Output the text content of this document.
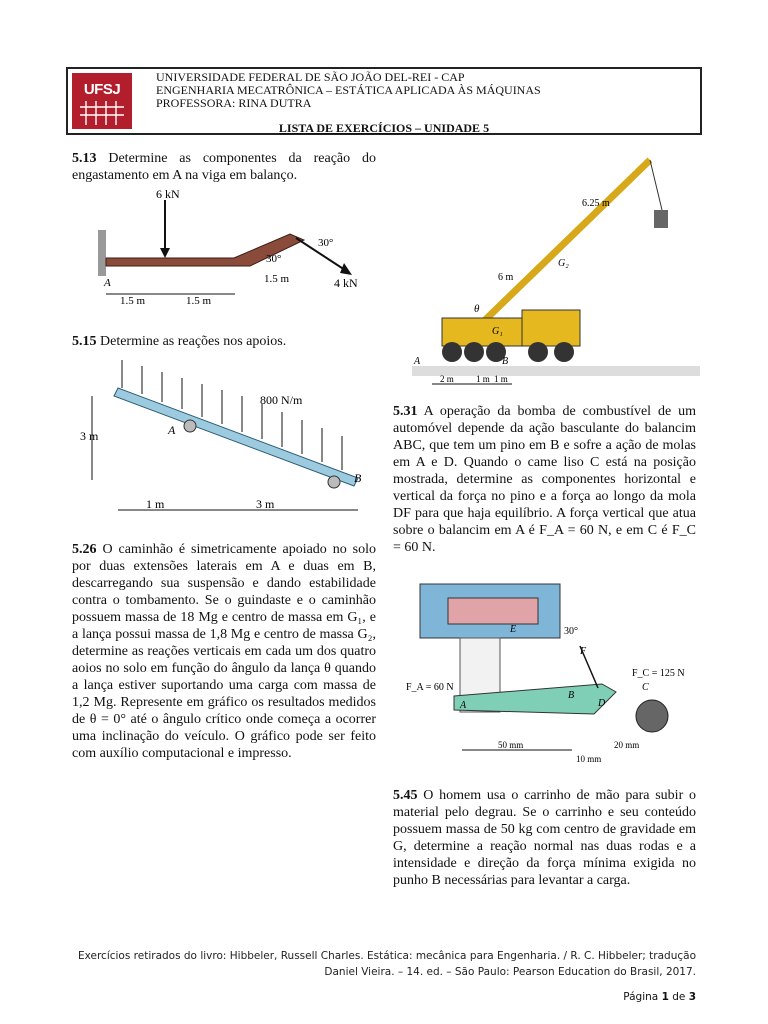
UFSJ
UNIVERSIDADE FEDERAL DE SÃO JOÃO DEL-REI - CAP
ENGENHARIA MECATRÔNICA – ESTÁTICA APLICADA ÀS MÁQUINAS
PROFESSORA: RINA DUTRA
LISTA DE EXERCÍCIOS – UNIDADE 5
5.13 Determine as componentes da reação do engastamento em A na viga em balanço.
6 kN
30°
30°
1.5 m	4 kN
A
1.5 m	1.5 m
5.15 Determine as reações nos apoios.
800 N/m
3 m	A
B
1 m	3 m
5.26 O caminhão é simetricamente apoiado no solo por duas extensões laterais em A e duas em B, descarregando sua suspensão e dando estabilidade contra o tombamento. Se o guindaste e o caminhão possuem massa de 18 Mg e centro de massa em G₁, e a lança possui massa de 1,8 Mg e centro de massa G₂, determine as reações verticais em cada um dos quatro aoios no solo em função do ângulo da lança θ quando a lança estiver suportando uma carga com massa de 1,2 Mg. Represente em gráfico os resultados medidos de θ = 0° até o ângulo crítico onde começa a ocorrer uma inclinação do veículo. O gráfico pode ser feito com auxílio computacional e impresso.
6.25 m
6 m
G₂
G₁
θ
A	B
2 m 1 m 1 m
5.31 A operação da bomba de combustível de um automóvel depende da ação basculante do balancim ABC, que tem um pino em B e sofre a ação de molas em A e D. Quando o came liso C está na posição mostrada, determine as componentes horizontal e vertical da força no pino e a força ao longo da mola DF para que haja equilíbrio. A força vertical que atua sobre o balancim em A é F_A = 60 N, e em C é F_C = 60 N.
30°
F_A = 60 N
F_C = 125 N
E
F
A
B
C
D
50 mm	20 mm
10 mm
5.45 O homem usa o carrinho de mão para subir o material pelo degrau. Se o carrinho e seu conteúdo possuem massa de 50 kg com centro de gravidade em G, determine a reação normal nas duas rodas e a intensidade e direção da força mínima exigida no punho B necessárias para levantar a carga.
Exercícios retirados do livro: Hibbeler, Russell Charles. Estática: mecânica para Engenharia. / R. C. Hibbeler; tradução
Daniel Vieira. – 14. ed. – São Paulo: Pearson Education do Brasil, 2017.
Página 1 de 3
